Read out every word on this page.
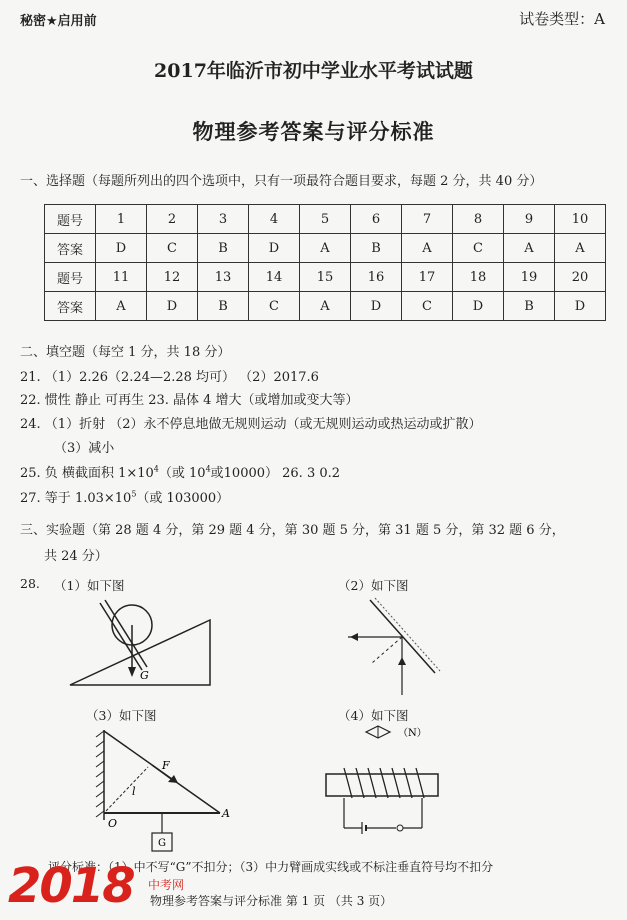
秘密★启用前	试卷类型：A
2017年临沂市初中学业水平考试试题
物理参考答案与评分标准
一、选择题（每题所列出的四个选项中，只有一项最符合题目要求，每题 2 分，共 40 分）
题号	1	2	3	4	5	6	7	8	9	10
答案	D	C	B	D	A	B	A	C	A	A
题号	11	12	13	14	15	16	17	18	19	20
答案	A	D	B	C	A	D	C	D	B	D
二、填空题（每空 1 分，共 18 分）
21. （1）2.26（2.24—2.28 均可） （2）2017.6
22. 惯性 静止 可再生 23. 晶体 4 增大（或增加或变大等）
24. （1）折射 （2）永不停息地做无规则运动（或无规则运动或热运动或扩散）
（3）减小
25. 负 横截面积 $1\times 10^4$（或 $10^4$或10000） 26. 3 0.2
27. 等于 $1.03\times 10^5$（或 103000）
三、实验题（第 28 题 4 分，第 29 题 4 分，第 30 题 5 分，第 31 题 5 分，第 32 题 6 分，
共 24 分）
28. （1）如下图	（2）如下图
（3）如下图	（4）如下图
G
G
F
l
O
A
（N）
评分标准：（1）中不写“G”不扣分；（3）中力臂画成实线或不标注垂直符号均不扣分
2018 中考网
物理参考答案与评分标准 第 1 页 （共 3 页）
